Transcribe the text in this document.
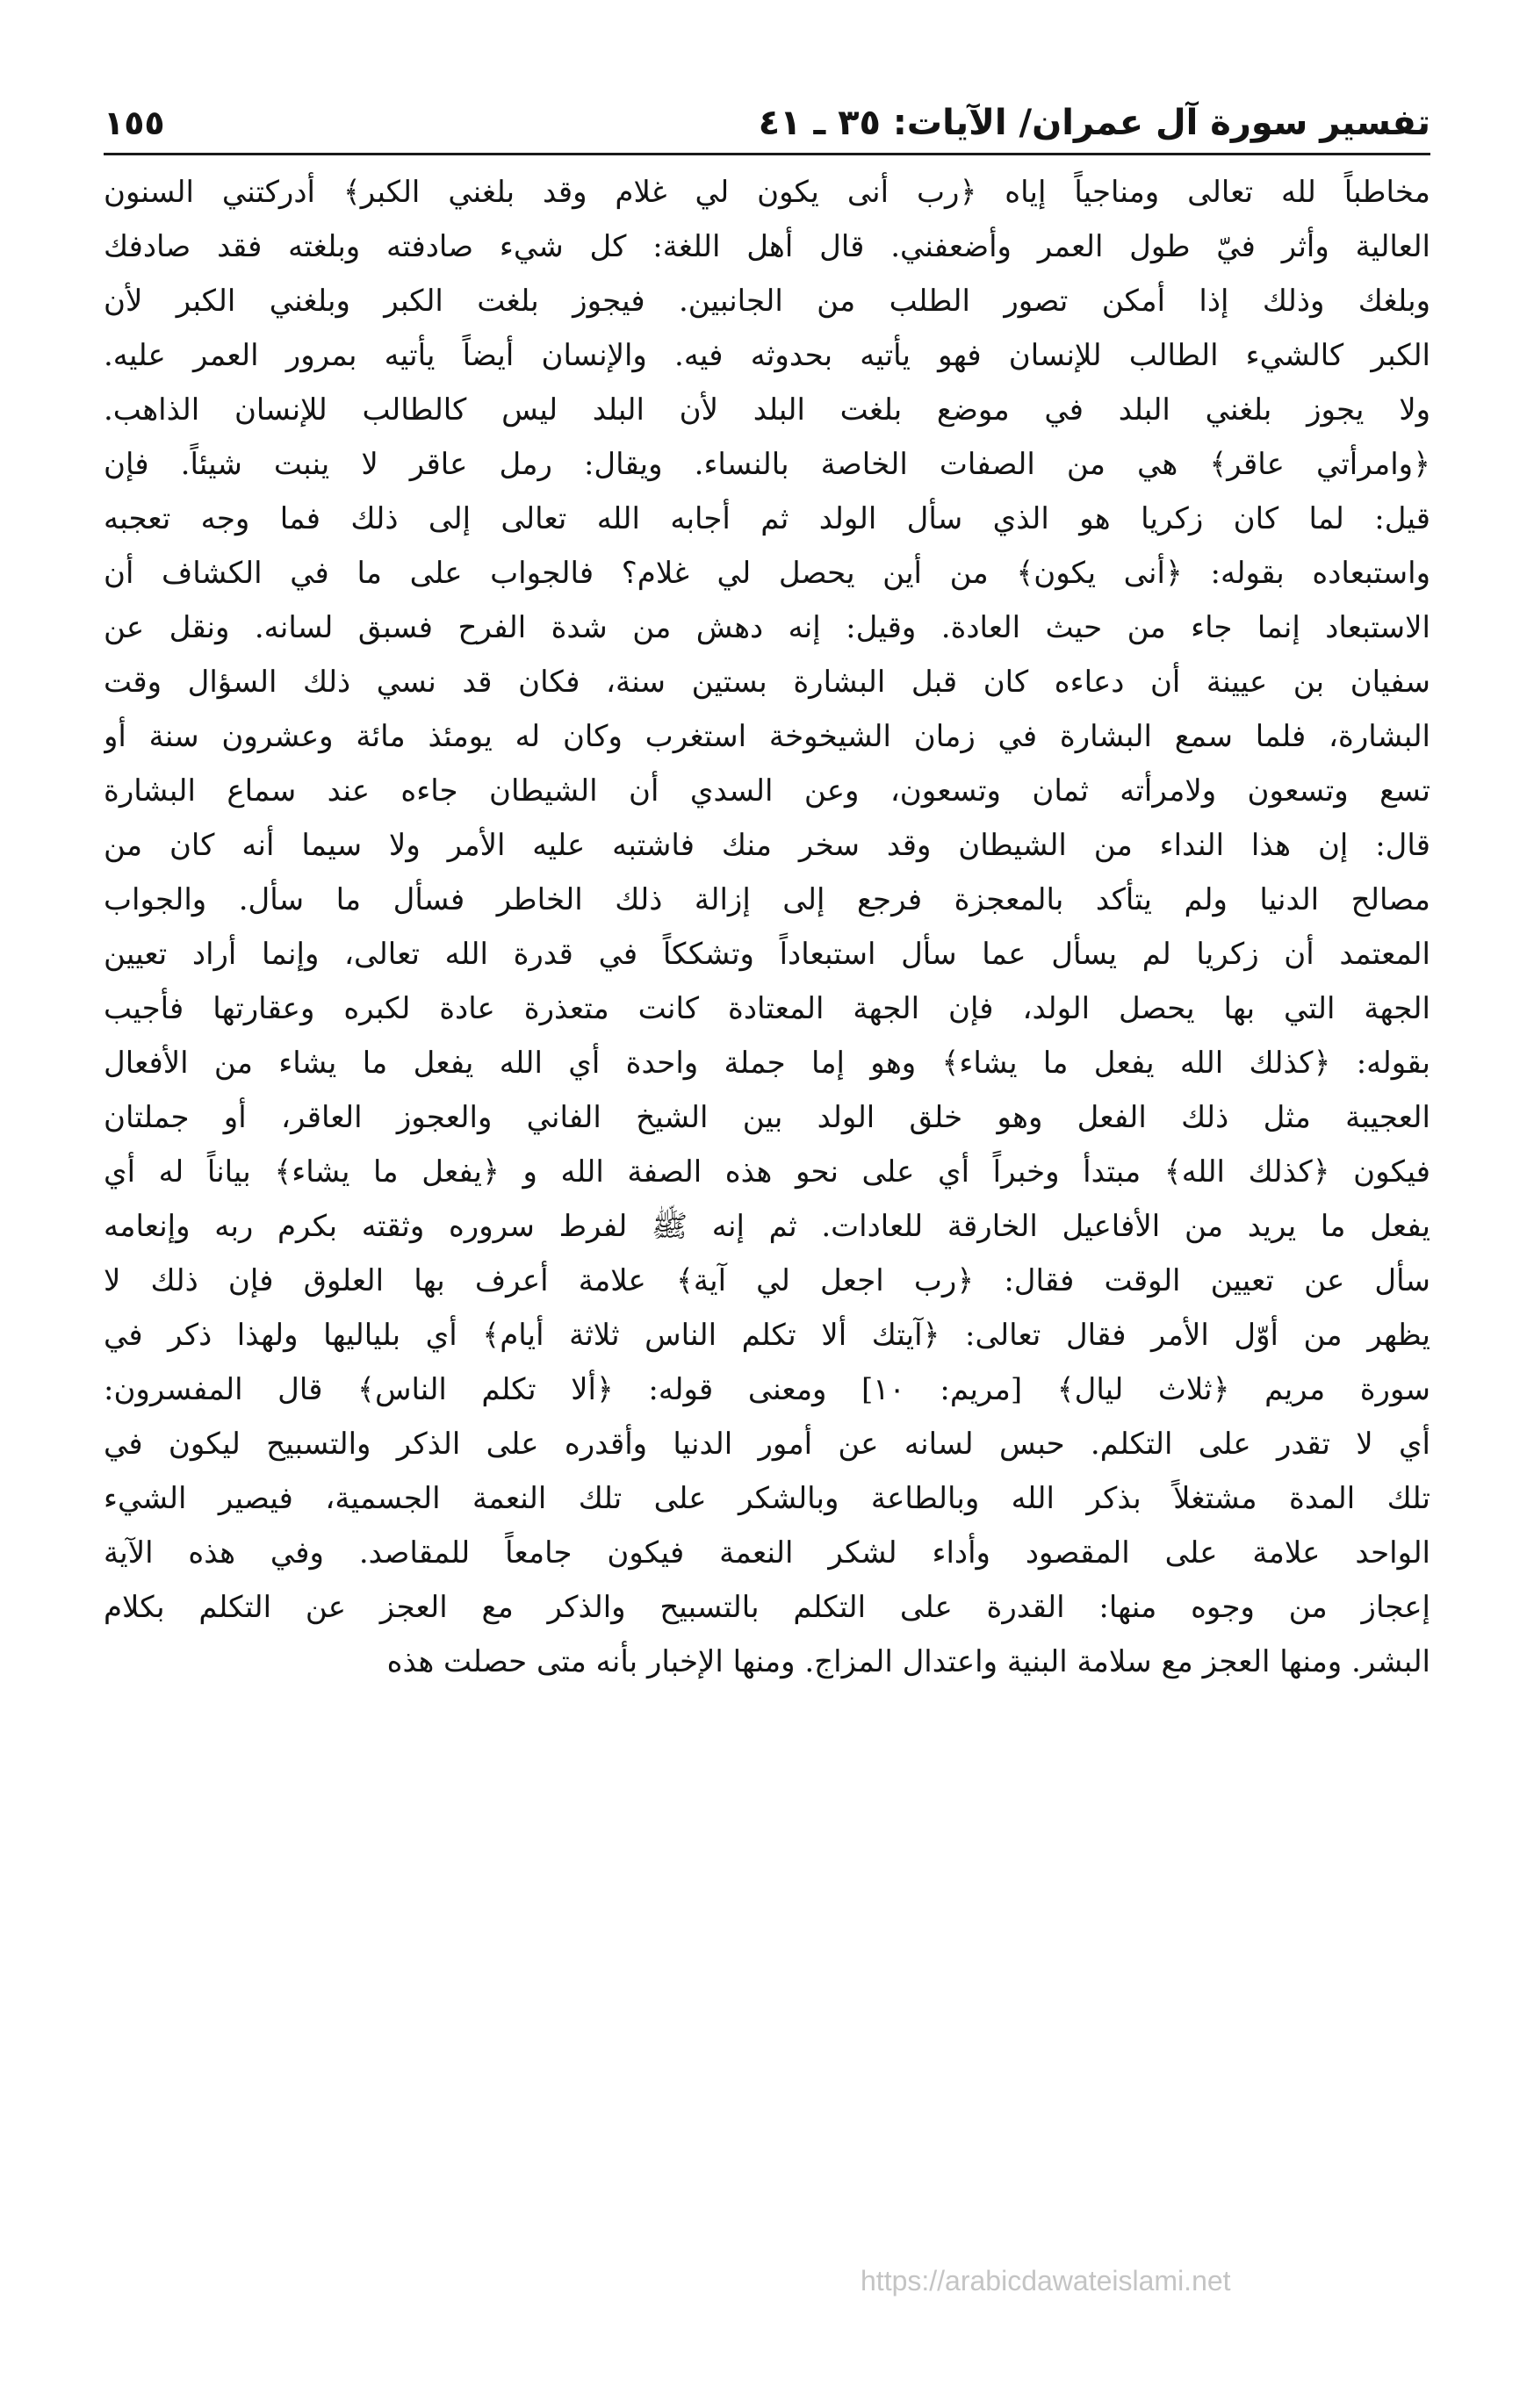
تفسير سورة آل عمران/ الآيات: ٣٥ ـ ٤١
١٥٥
مخاطباً لله تعالى ومناجياً إياه ﴿رب أنى يكون لي غلام وقد بلغني الكبر﴾ أدركتني السنون
العالية وأثر فيّ طول العمر وأضعفني. قال أهل اللغة: كل شيء صادفته وبلغته فقد صادفك
وبلغك وذلك إذا أمكن تصور الطلب من الجانبين. فيجوز بلغت الكبر وبلغني الكبر لأن
الكبر كالشيء الطالب للإنسان فهو يأتيه بحدوثه فيه. والإنسان أيضاً يأتيه بمرور العمر عليه.
ولا يجوز بلغني البلد في موضع بلغت البلد لأن البلد ليس كالطالب للإنسان الذاهب.
﴿وامرأتي عاقر﴾ هي من الصفات الخاصة بالنساء. ويقال: رمل عاقر لا ينبت شيئاً. فإن
قيل: لما كان زكريا هو الذي سأل الولد ثم أجابه الله تعالى إلى ذلك فما وجه تعجبه
واستبعاده بقوله: ﴿أنى يكون﴾ من أين يحصل لي غلام؟ فالجواب على ما في الكشاف أن
الاستبعاد إنما جاء من حيث العادة. وقيل: إنه دهش من شدة الفرح فسبق لسانه. ونقل عن
سفيان بن عيينة أن دعاءه كان قبل البشارة بستين سنة، فكان قد نسي ذلك السؤال وقت
البشارة، فلما سمع البشارة في زمان الشيخوخة استغرب وكان له يومئذ مائة وعشرون سنة أو
تسع وتسعون ولامرأته ثمان وتسعون، وعن السدي أن الشيطان جاءه عند سماع البشارة
قال: إن هذا النداء من الشيطان وقد سخر منك فاشتبه عليه الأمر ولا سيما أنه كان من
مصالح الدنيا ولم يتأكد بالمعجزة فرجع إلى إزالة ذلك الخاطر فسأل ما سأل. والجواب
المعتمد أن زكريا لم يسأل عما سأل استبعاداً وتشككاً في قدرة الله تعالى، وإنما أراد تعيين
الجهة التي بها يحصل الولد، فإن الجهة المعتادة كانت متعذرة عادة لكبره وعقارتها فأجيب
بقوله: ﴿كذلك الله يفعل ما يشاء﴾ وهو إما جملة واحدة أي الله يفعل ما يشاء من الأفعال
العجيبة مثل ذلك الفعل وهو خلق الولد بين الشيخ الفاني والعجوز العاقر، أو جملتان
فيكون ﴿كذلك الله﴾ مبتدأ وخبراً أي على نحو هذه الصفة الله و ﴿يفعل ما يشاء﴾ بياناً له أي
يفعل ما يريد من الأفاعيل الخارقة للعادات. ثم إنه ﷺ لفرط سروره وثقته بكرم ربه وإنعامه
سأل عن تعيين الوقت فقال: ﴿رب اجعل لي آية﴾ علامة أعرف بها العلوق فإن ذلك لا
يظهر من أوّل الأمر فقال تعالى: ﴿آيتك ألا تكلم الناس ثلاثة أيام﴾ أي بلياليها ولهذا ذكر في
سورة مريم ﴿ثلاث ليال﴾ [مريم: ١٠] ومعنى قوله: ﴿ألا تكلم الناس﴾ قال المفسرون:
أي لا تقدر على التكلم. حبس لسانه عن أمور الدنيا وأقدره على الذكر والتسبيح ليكون في
تلك المدة مشتغلاً بذكر الله وبالطاعة وبالشكر على تلك النعمة الجسمية، فيصير الشيء
الواحد علامة على المقصود وأداء لشكر النعمة فيكون جامعاً للمقاصد. وفي هذه الآية
إعجاز من وجوه منها: القدرة على التكلم بالتسبيح والذكر مع العجز عن التكلم بكلام
البشر. ومنها العجز مع سلامة البنية واعتدال المزاج. ومنها الإخبار بأنه متى حصلت هذه
https://arabicdawateislami.net
